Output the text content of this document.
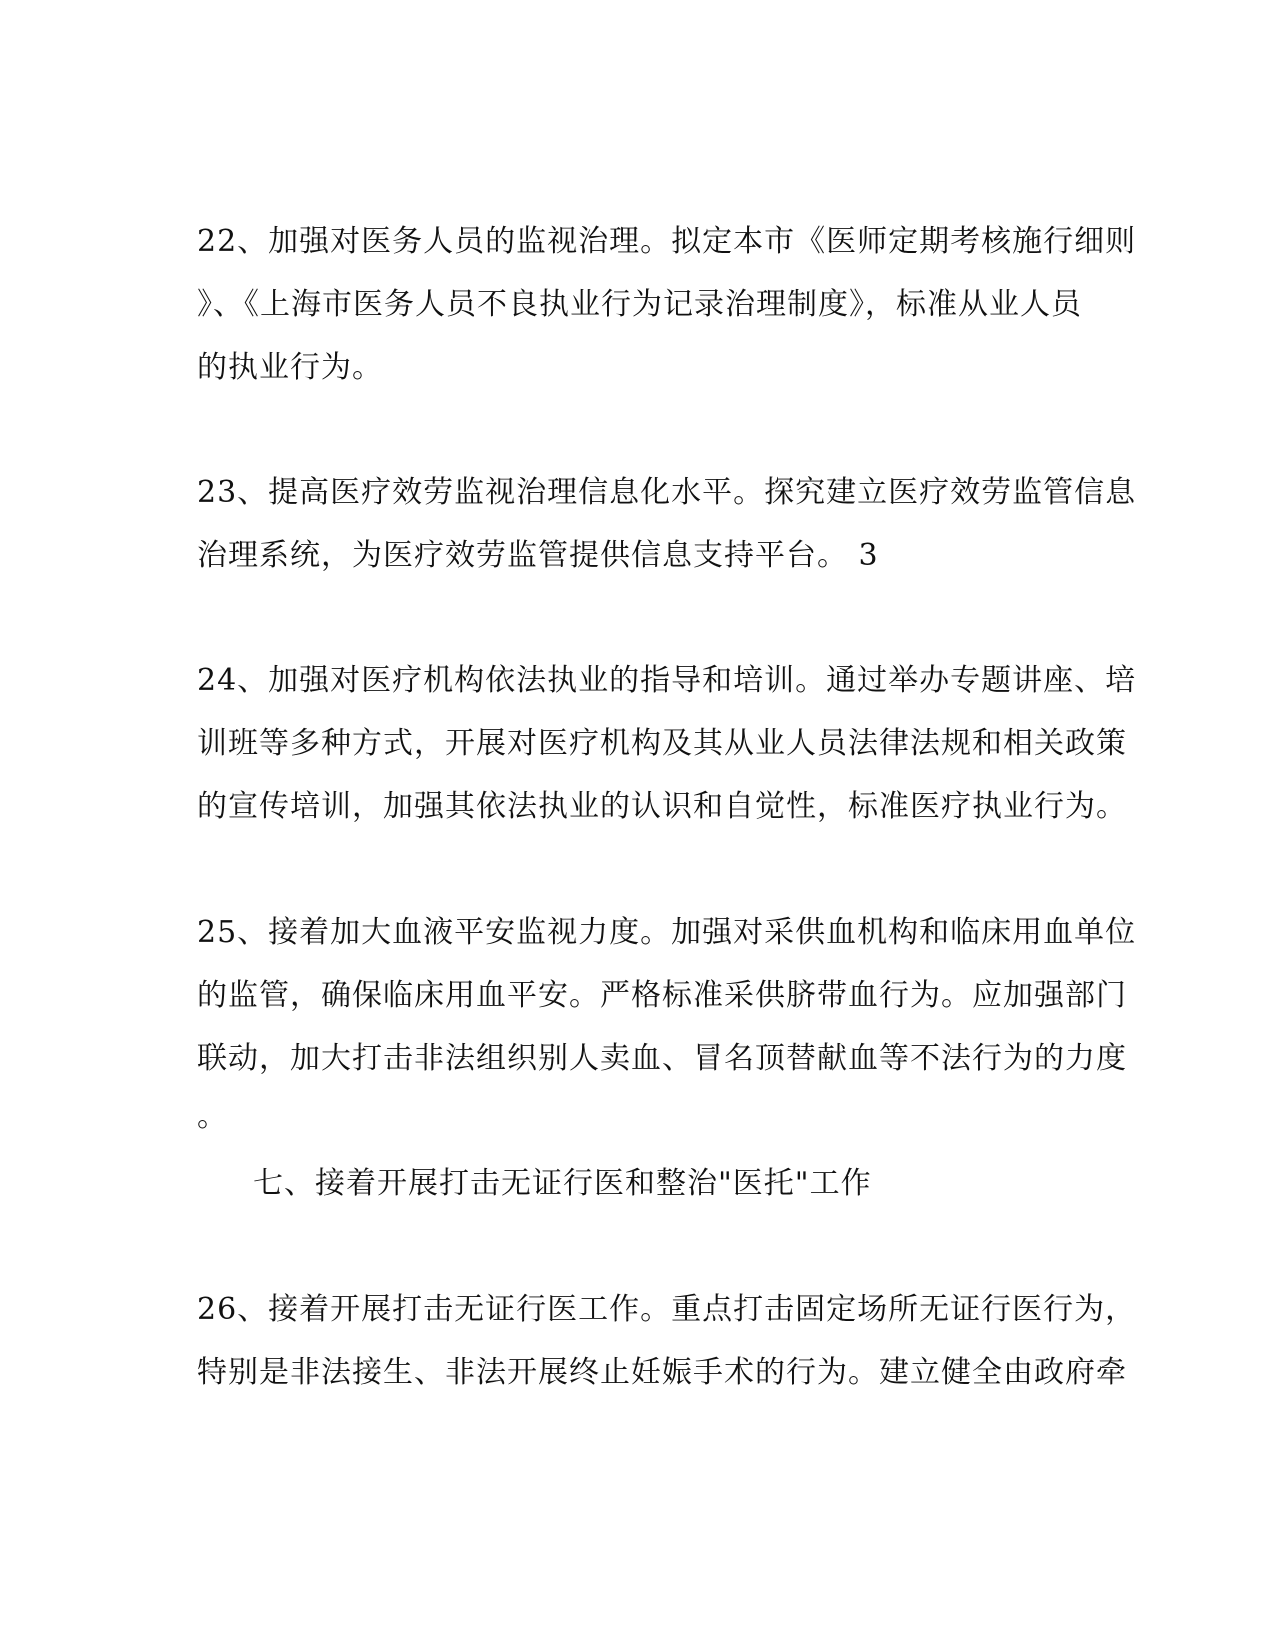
22、加强对医务人员的监视治理。拟定本市《医师定期考核施行细则
》、《上海市医务人员不良执业行为记录治理制度》，标准从业人员
的执业行为。
23、提高医疗效劳监视治理信息化水平。探究建立医疗效劳监管信息
治理系统，为医疗效劳监管提供信息支持平台。 3
24、加强对医疗机构依法执业的指导和培训。通过举办专题讲座、培
训班等多种方式，开展对医疗机构及其从业人员法律法规和相关政策
的宣传培训，加强其依法执业的认识和自觉性，标准医疗执业行为。
25、接着加大血液平安监视力度。加强对采供血机构和临床用血单位
的监管，确保临床用血平安。严格标准采供脐带血行为。应加强部门
联动，加大打击非法组织别人卖血、冒名顶替献血等不法行为的力度
。
七、接着开展打击无证行医和整治"医托"工作
26、接着开展打击无证行医工作。重点打击固定场所无证行医行为，
特别是非法接生、非法开展终止妊娠手术的行为。建立健全由政府牵
